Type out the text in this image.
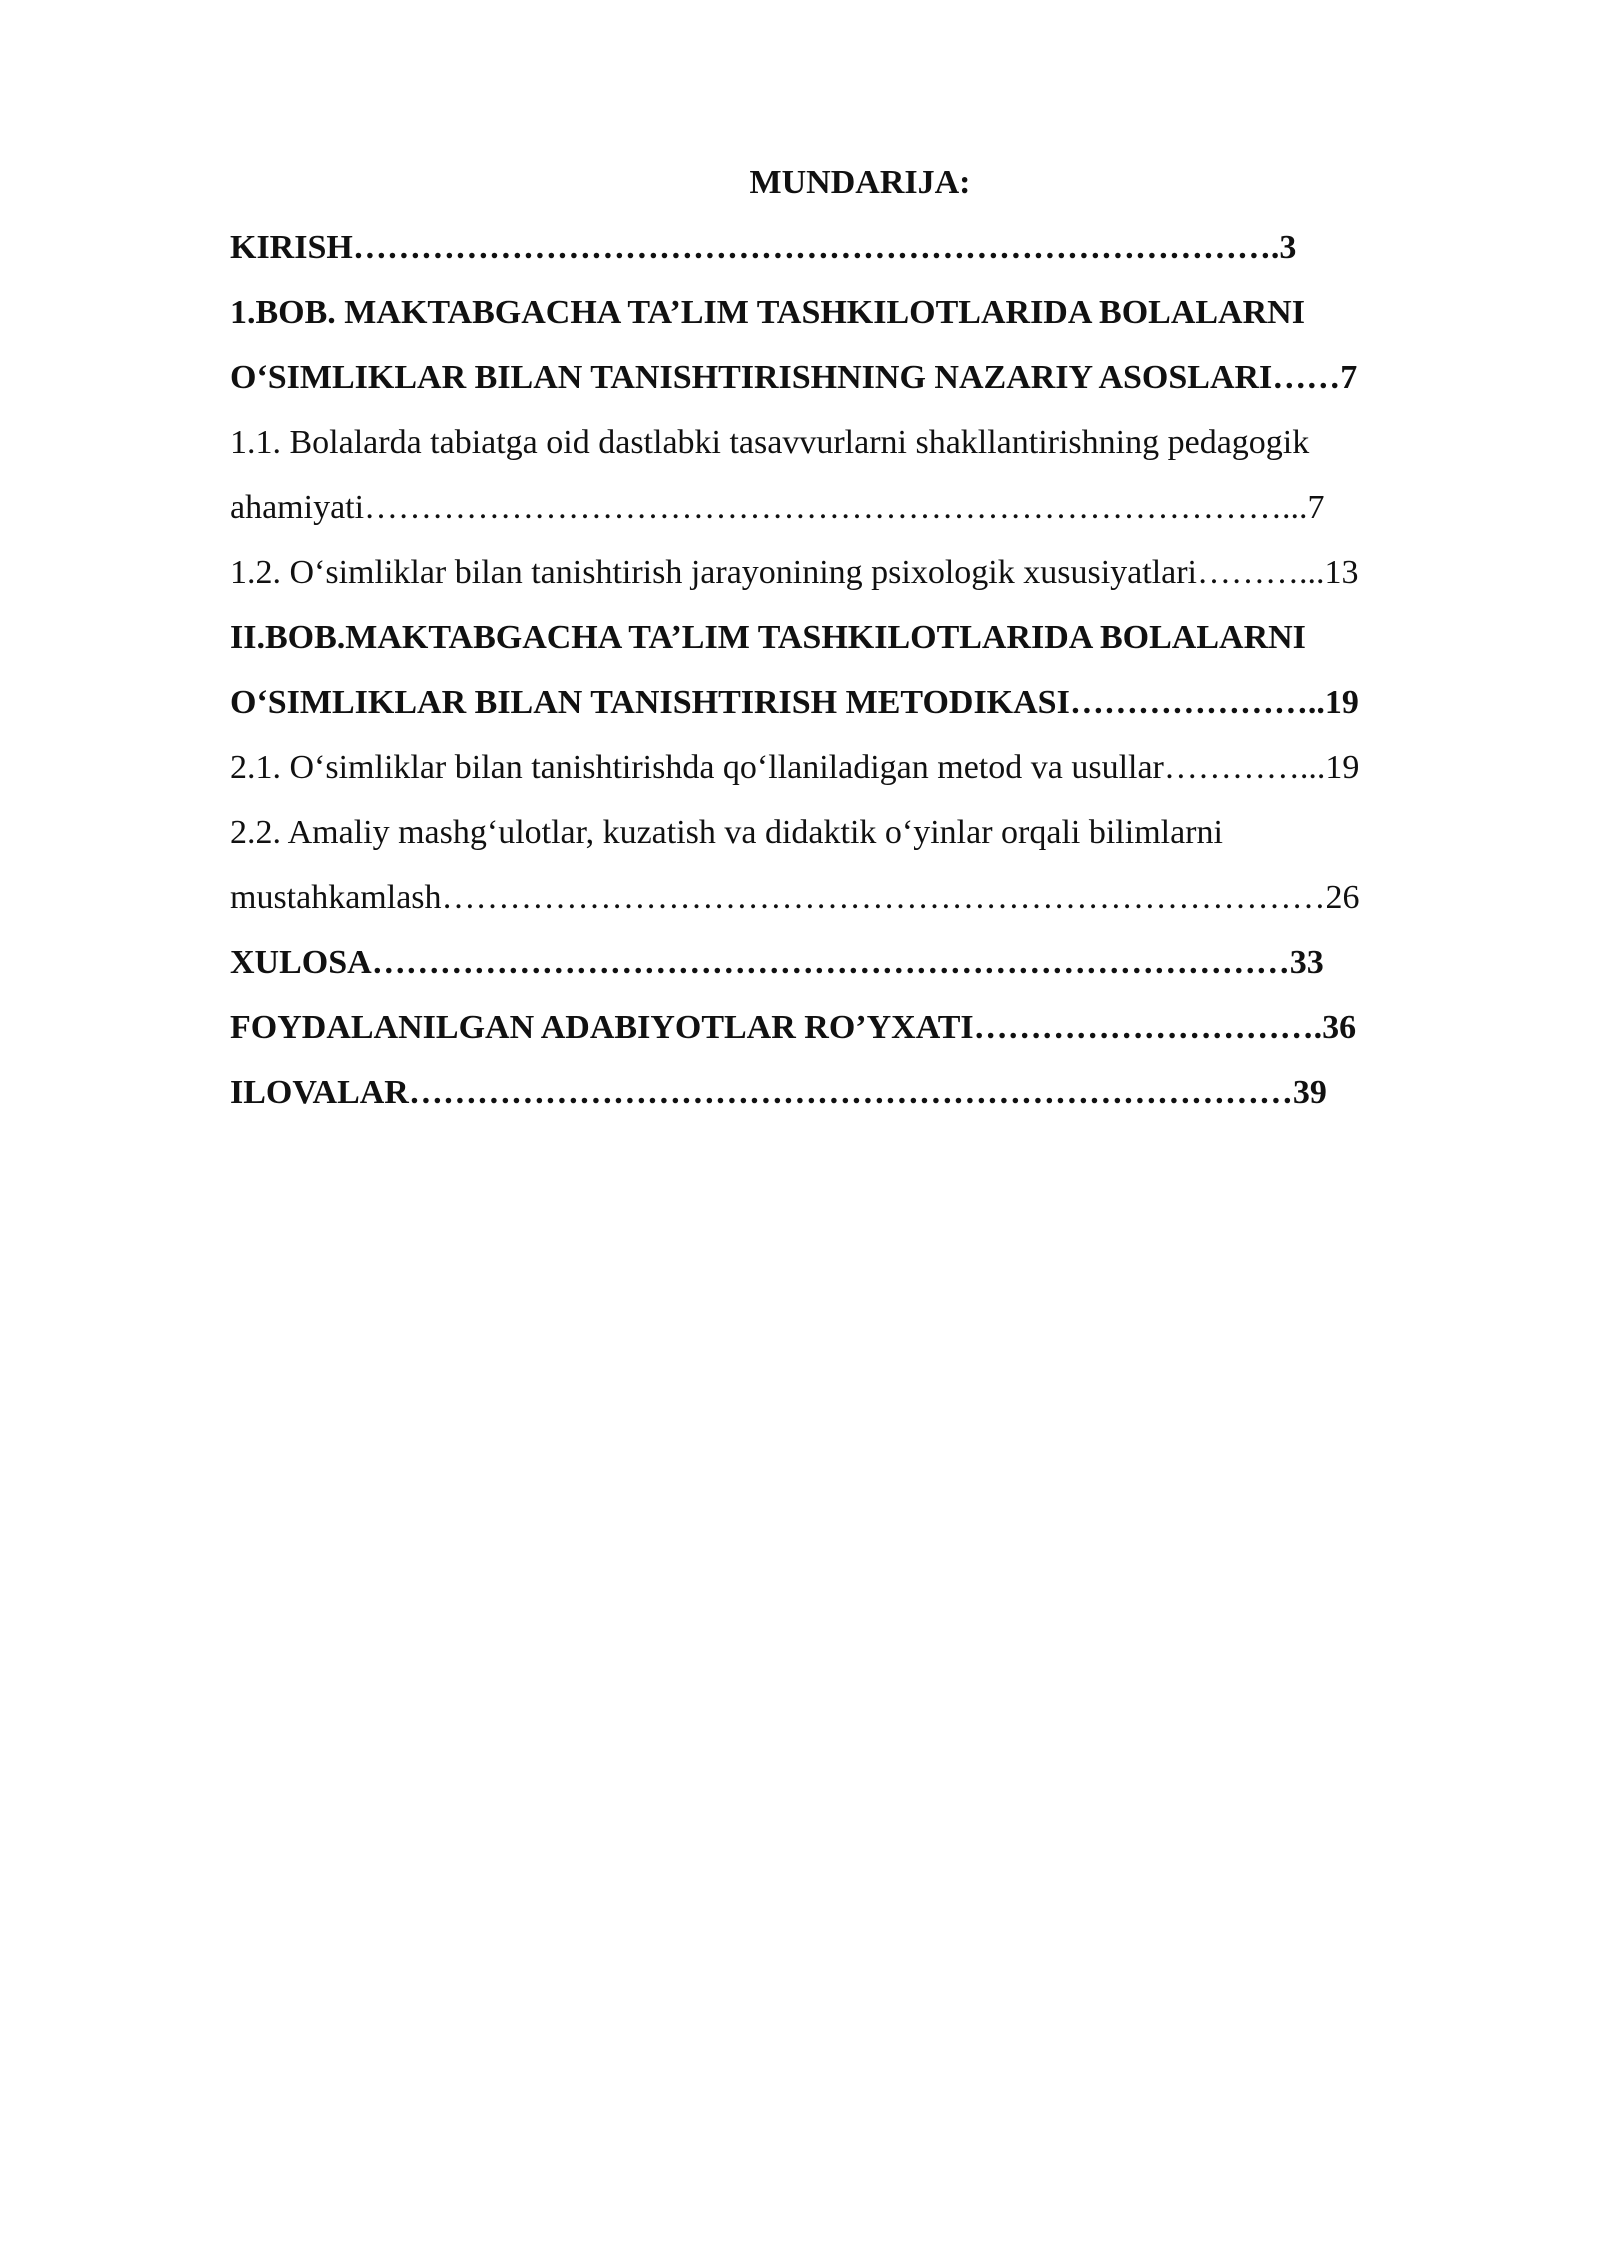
MUNDARIJA:
KIRISH……………………………………………………………………….3
1.BOB. MAKTABGACHA TA’LIM TASHKILOTLARIDA BOLALARNI
O‘SIMLIKLAR BILAN TANISHTIRISHNING NAZARIY ASOSLARI……7
1.1. Bolalarda tabiatga oid dastlabki tasavvurlarni shakllantirishning pedagogik
ahamiyati………………………………………………………………………...7
1.2. O‘simliklar bilan tanishtirish jarayonining psixologik xususiyatlari………...13
II.BOB.MAKTABGACHA TA’LIM TASHKILOTLARIDA BOLALARNI
O‘SIMLIKLAR BILAN TANISHTIRISH METODIKASI…………………..19
2.1. O‘simliklar bilan tanishtirishda qo‘llaniladigan metod va usullar…………...19
2.2. Amaliy mashg‘ulotlar, kuzatish va didaktik o‘yinlar orqali bilimlarni
mustahkamlash……………………………………………………………………26
XULOSA………………………………………………………………………33
FOYDALANILGAN ADABIYOTLAR RO’YXATI………………………….36
ILOVALAR……………………………………………………………………39
